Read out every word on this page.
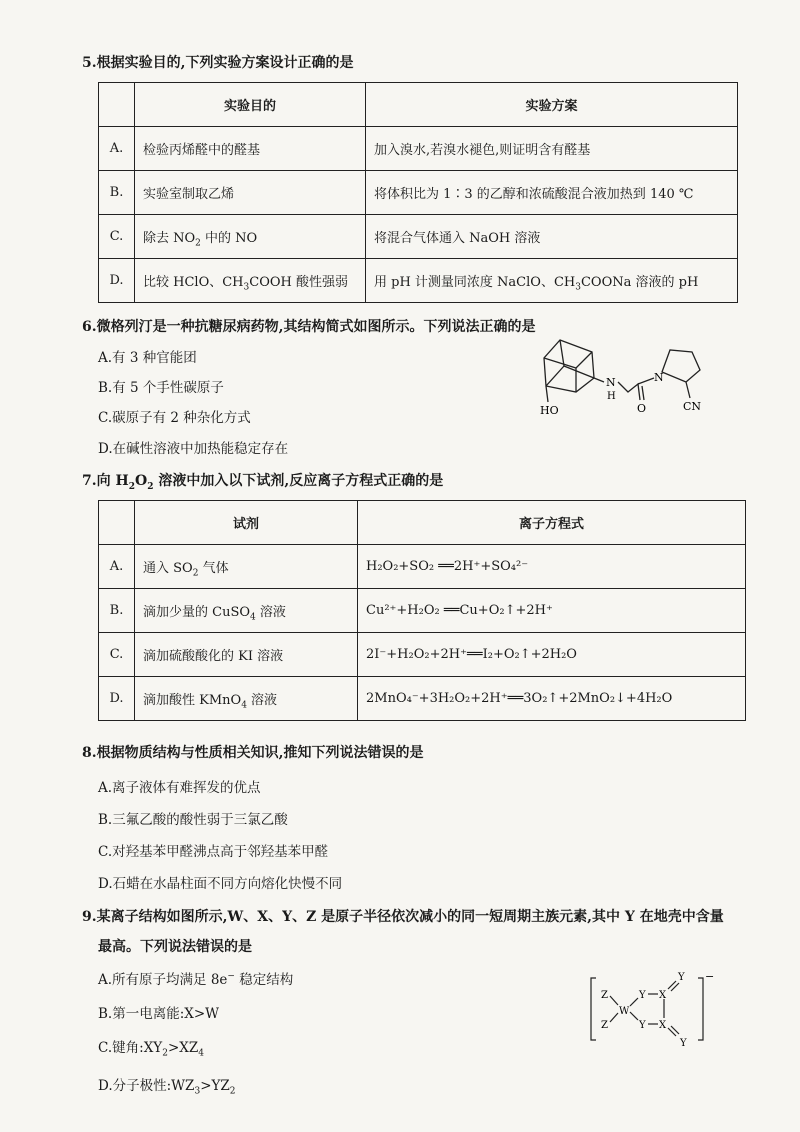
5.根据实验目的,下列实验方案设计正确的是
	实验目的	实验方案
A.	检验丙烯醛中的醛基	加入溴水,若溴水褪色,则证明含有醛基
B.	实验室制取乙烯	将体积比为 1∶3 的乙醇和浓硫酸混合液加热到 140 ℃
C.	除去 $NO_2$ 中的 NO	将混合气体通入 NaOH 溶液
D.	比较 HClO、$CH_3COOH$ 酸性强弱	用 pH 计测量同浓度 NaClO、$CH_3COONa$ 溶液的 pH
6.微格列汀是一种抗糖尿病药物,其结构简式如图所示。下列说法正确的是
A.有 3 种官能团
B.有 5 个手性碳原子
C.碳原子有 2 种杂化方式
D.在碱性溶液中加热能稳定存在
HO
N
H
O
N
CN
7.向 $H_2O_2$ 溶液中加入以下试剂,反应离子方程式正确的是
	试剂	离子方程式
A.	通入 $SO_2$ 气体	H₂O₂+SO₂ ══2H⁺+SO₄²⁻
B.	滴加少量的 CuSO$_4$ 溶液	Cu²⁺+H₂O₂ ══Cu+O₂↑+2H⁺
C.	滴加硫酸酸化的 KI 溶液	2I⁻+H₂O₂+2H⁺══I₂+O₂↑+2H₂O
D.	滴加酸性 KMnO$_4$ 溶液	2MnO₄⁻+3H₂O₂+2H⁺══3O₂↑+2MnO₂↓+4H₂O
8.根据物质结构与性质相关知识,推知下列说法错误的是
A.离子液体有难挥发的优点
B.三氟乙酸的酸性弱于三氯乙酸
C.对羟基苯甲醛沸点高于邻羟基苯甲醛
D.石蜡在水晶柱面不同方向熔化快慢不同
9.某离子结构如图所示,W、X、Y、Z 是原子半径依次减小的同一短周期主族元素,其中 Y 在地壳中含量
最高。下列说法错误的是
A.所有原子均满足 8e− 稳定结构
B.第一电离能:X>W
C.键角$:XY_2>XZ_4$
D.分子极性$:WZ_3>YZ_2$
Z
Z
W
Y
Y
X
X
Y
Y
−
